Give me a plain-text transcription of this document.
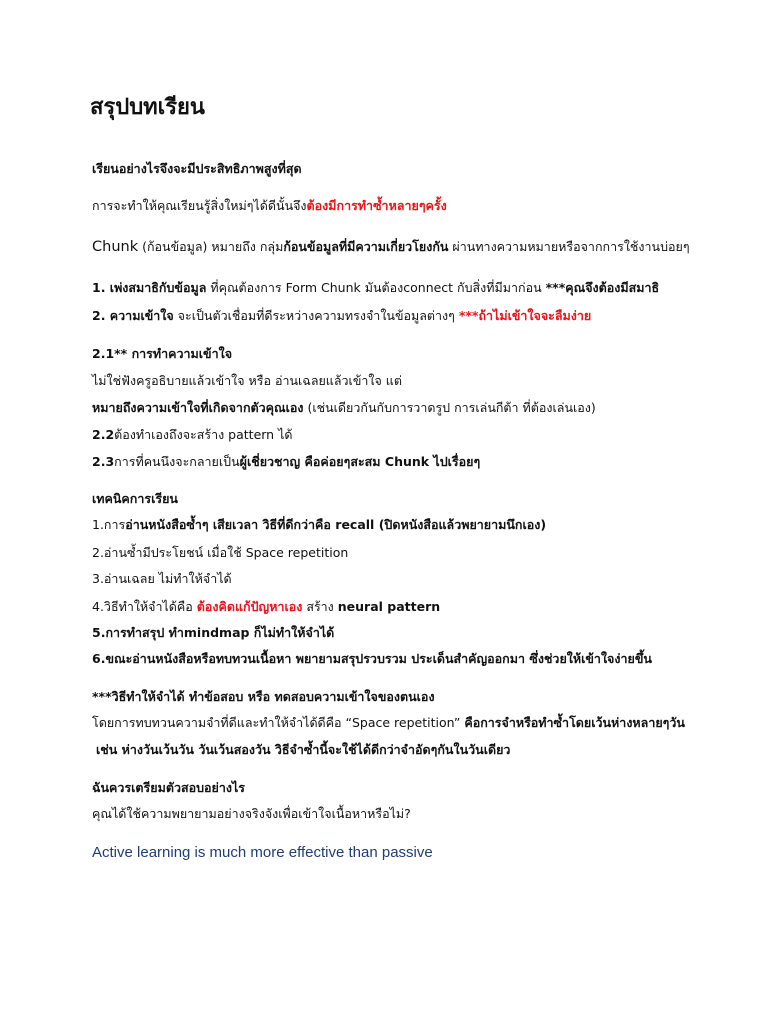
สรุปบทเรียน
เรียนอย่างไรจึงจะมีประสิทธิภาพสูงที่สุด
การจะทำให้คุณเรียนรู้สิ่งใหม่ๆได้ดีนั้นจึงต้องมีการทำซ้ำหลายๆครั้ง
Chunk (ก้อนข้อมูล) หมายถึง กลุ่มก้อนข้อมูลที่มีความเกี่ยวโยงกัน ผ่านทางความหมายหรือจากการใช้งานบ่อยๆ
1. เพ่งสมาธิกับข้อมูล ที่คุณต้องการ Form Chunk มันต้องconnect กับสิ่งที่มีมาก่อน ***คุณจึงต้องมีสมาธิ
2. ความเข้าใจ จะเป็นตัวเชื่อมที่ดีระหว่างความทรงจำในข้อมูลต่างๆ ***ถ้าไม่เข้าใจจะลืมง่าย
2.1** การทำความเข้าใจ
ไม่ใช่ฟังครูอธิบายแล้วเข้าใจ หรือ อ่านเฉลยแล้วเข้าใจ แต่
หมายถึงความเข้าใจที่เกิดจากตัวคุณเอง (เช่นเดียวกันกับการวาดรูป การเล่นกีต้า ที่ต้องเล่นเอง)
2.2ต้องทำเองถึงจะสร้าง pattern ได้
2.3การที่คนนึงจะกลายเป็นผู้เชี่ยวชาญ คือค่อยๆสะสม Chunk ไปเรื่อยๆ
เทคนิคการเรียน
1.การอ่านหนังสือซ้ำๆ เสียเวลา วิธีที่ดีกว่าคือ recall (ปิดหนังสือแล้วพยายามนึกเอง)
2.อ่านซ้ำมีประโยชน์ เมื่อใช้ Space repetition
3.อ่านเฉลย ไม่ทำให้จำได้
4.วิธีทำให้จำได้คือ ต้องคิดแก้ปัญหาเอง สร้าง neural pattern
5.การทำสรุป ทำmindmap ก็ไม่ทำให้จำได้
6.ขณะอ่านหนังสือหรือทบทวนเนื้อหา พยายามสรุปรวบรวม ประเด็นสำคัญออกมา ซึ่งช่วยให้เข้าใจง่ายขึ้น
***วิธีทำให้จำได้ ทำข้อสอบ หรือ ทดสอบความเข้าใจของตนเอง
โดยการทบทวนความจำที่ดีและทำให้จำได้ดีคือ “Space repetition” คือการจำหรือทำซ้ำโดยเว้นห่างหลายๆวัน
เช่น ห่างวันเว้นวัน วันเว้นสองวัน วิธีจำซ้ำนี้จะใช้ได้ดีกว่าจำอัดๆกันในวันเดียว
ฉันควรเตรียมตัวสอบอย่างไร
คุณได้ใช้ความพยายามอย่างจริงจังเพื่อเข้าใจเนื้อหาหรือไม่?
Active learning is much more effective than passive
